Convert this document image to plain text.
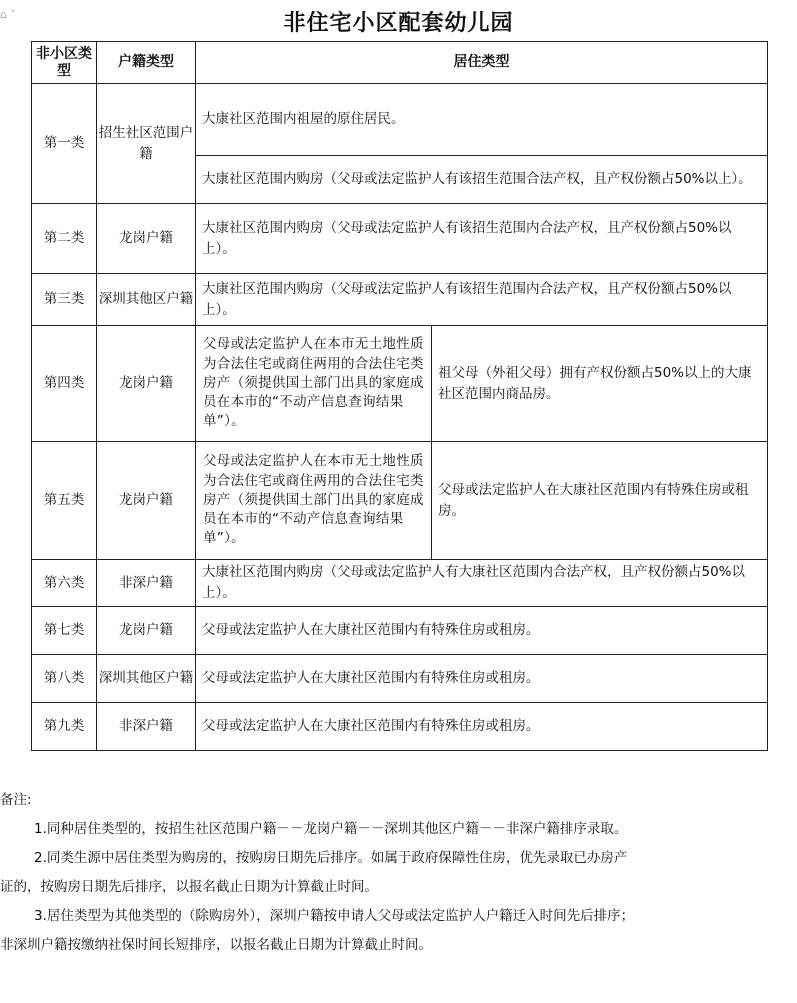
⌂ ˅	非住宅小区配套幼儿园
非小区类型	户籍类型	居住类型	
第一类	招生社区范围户籍	大康社区范围内祖屋的原住居民。	
		大康社区范围内购房（父母或法定监护人有该招生范围合法产权，且产权份额占50%以上）。	
第二类	龙岗户籍	大康社区范围内购房（父母或法定监护人有该招生范围内合法产权，且产权份额占50%以上）。	
第三类	深圳其他区户籍	大康社区范围内购房（父母或法定监护人有该招生范围内合法产权，且产权份额占50%以上）。	
第四类	龙岗户籍	父母或法定监护人在本市无土地性质为合法住宅或商住两用的合法住宅类房产（须提供国土部门出具的家庭成员在本市的“不动产信息查询结果单”）。	祖父母（外祖父母）拥有产权份额占50%以上的大康社区范围内商品房。
第五类	龙岗户籍	父母或法定监护人在本市无土地性质为合法住宅或商住两用的合法住宅类房产（须提供国土部门出具的家庭成员在本市的“不动产信息查询结果单”）。	父母或法定监护人在大康社区范围内有特殊住房或租房。
第六类	非深户籍	大康社区范围内购房（父母或法定监护人有大康社区范围内合法产权，且产权份额占50%以上）。	
第七类	龙岗户籍	父母或法定监护人在大康社区范围内有特殊住房或租房。	
第八类	深圳其他区户籍	父母或法定监护人在大康社区范围内有特殊住房或租房。	
第九类	非深户籍	父母或法定监护人在大康社区范围内有特殊住房或租房。	

备注:

1.同种居住类型的，按招生社区范围户籍－－龙岗户籍－－深圳其他区户籍－－非深户籍排序录取。

2.同类生源中居住类型为购房的，按购房日期先后排序。如属于政府保障性住房，优先录取已办房产

证的，按购房日期先后排序，以报名截止日期为计算截止时间。

3.居住类型为其他类型的（除购房外），深圳户籍按申请人父母或法定监护人户籍迁入时间先后排序；

非深圳户籍按缴纳社保时间长短排序，以报名截止日期为计算截止时间。
